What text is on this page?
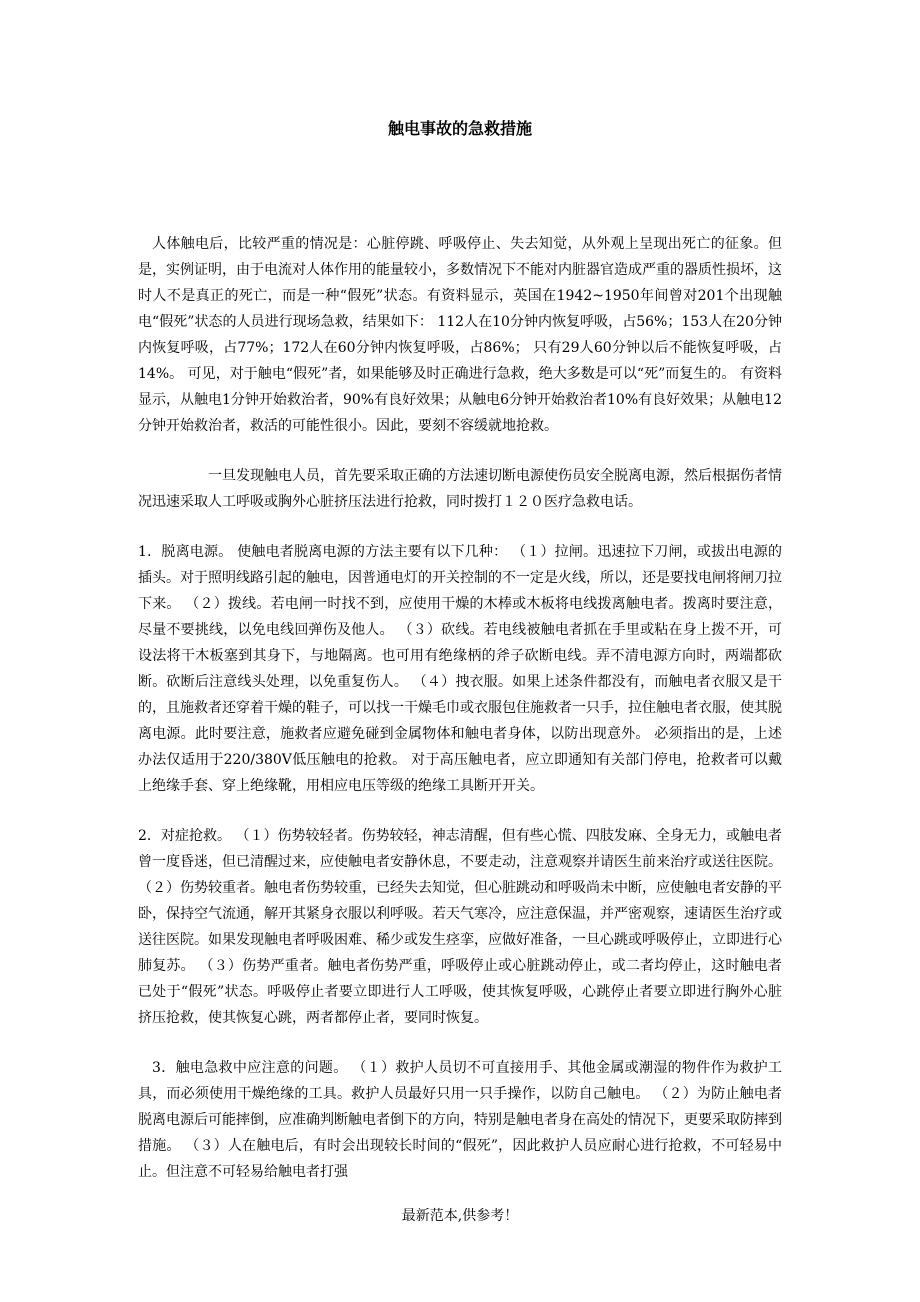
触电事故的急救措施

人体触电后，比较严重的情况是：心脏停跳、呼吸停止、失去知觉，从外观上呈现出死亡的征象。但是，实例证明，由于电流对人体作用的能量较小，多数情况下不能对内脏器官造成严重的器质性损坏，这时人不是真正的死亡，而是一种“假死”状态。有资料显示，英国在1942~1950年间曾对201个出现触电“假死”状态的人员进行现场急救，结果如下： 112人在10分钟内恢复呼吸，占56%；153人在20分钟内恢复呼吸，占77%；172人在60分钟内恢复呼吸，占86%； 只有29人60分钟以后不能恢复呼吸，占14%。 可见，对于触电“假死”者，如果能够及时正确进行急救，绝大多数是可以“死”而复生的。 有资料显示，从触电1分钟开始救治者，90%有良好效果；从触电6分钟开始救治者10%有良好效果；从触电12分钟开始救治者，救活的可能性很小。因此，要刻不容缓就地抢救。

一旦发现触电人员，首先要采取正确的方法速切断电源使伤员安全脱离电源，然后根据伤者情况迅速采取人工呼吸或胸外心脏挤压法进行抢救，同时拨打１２０医疗急救电话。

1．脱离电源。 使触电者脱离电源的方法主要有以下几种： （１）拉闸。迅速拉下刀闸，或拔出电源的插头。对于照明线路引起的触电，因普通电灯的开关控制的不一定是火线，所以，还是要找电闸将闸刀拉下来。 （２）拨线。若电闸一时找不到，应使用干燥的木棒或木板将电线拨离触电者。拨离时要注意，尽量不要挑线，以免电线回弹伤及他人。 （３）砍线。若电线被触电者抓在手里或粘在身上拨不开，可设法将干木板塞到其身下，与地隔离。也可用有绝缘柄的斧子砍断电线。弄不清电源方向时，两端都砍断。砍断后注意线头处理，以免重复伤人。 （４）拽衣服。如果上述条件都没有，而触电者衣服又是干的，且施救者还穿着干燥的鞋子，可以找一干燥毛巾或衣服包住施救者一只手，拉住触电者衣服，使其脱离电源。此时要注意，施救者应避免碰到金属物体和触电者身体，以防出现意外。 必须指出的是，上述办法仅适用于220/380V低压触电的抢救。 对于高压触电者，应立即通知有关部门停电，抢救者可以戴上绝缘手套、穿上绝缘靴，用相应电压等级的绝缘工具断开开关。

2．对症抢救。 （１）伤势较轻者。伤势较轻，神志清醒，但有些心慌、四肢发麻、全身无力，或触电者曾一度昏迷，但已清醒过来，应使触电者安静休息，不要走动，注意观察并请医生前来治疗或送往医院。 （２）伤势较重者。触电者伤势较重，已经失去知觉，但心脏跳动和呼吸尚未中断，应使触电者安静的平卧，保持空气流通，解开其紧身衣服以利呼吸。若天气寒冷，应注意保温，并严密观察，速请医生治疗或送往医院。如果发现触电者呼吸困难、稀少或发生痉挛，应做好准备，一旦心跳或呼吸停止，立即进行心肺复苏。 （３）伤势严重者。触电者伤势严重，呼吸停止或心脏跳动停止，或二者均停止，这时触电者已处于“假死”状态。呼吸停止者要立即进行人工呼吸，使其恢复呼吸，心跳停止者要立即进行胸外心脏挤压抢救，使其恢复心跳，两者都停止者，要同时恢复。

3．触电急救中应注意的问题。 （１）救护人员切不可直接用手、其他金属或潮湿的物件作为救护工具，而必须使用干燥绝缘的工具。救护人员最好只用一只手操作，以防自己触电。 （２）为防止触电者脱离电源后可能摔倒，应准确判断触电者倒下的方向，特别是触电者身在高处的情况下，更要采取防摔到措施。 （３）人在触电后，有时会出现较长时间的“假死”，因此救护人员应耐心进行抢救，不可轻易中止。但注意不可轻易给触电者打强

最新范本,供参考！
